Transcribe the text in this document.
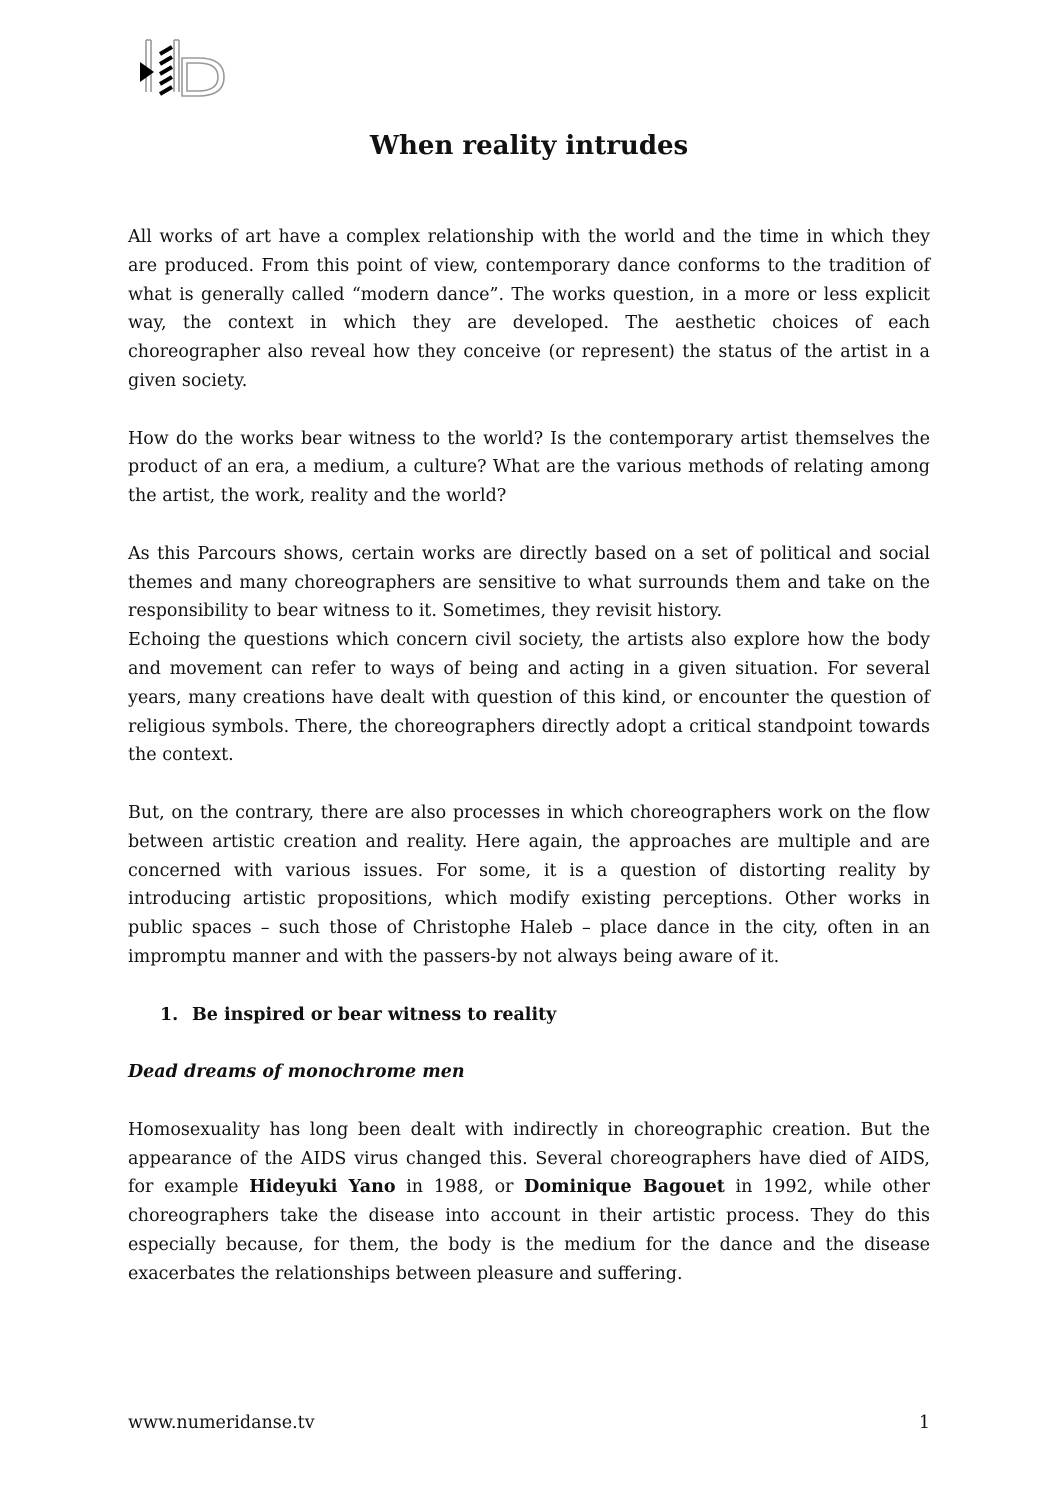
When reality intrudes

All works of art have a complex relationship with the world and the time in which they are produced. From this point of view, contemporary dance conforms to the tradition of what is generally called “modern dance”. The works question, in a more or less explicit way, the context in which they are developed. The aesthetic choices of each choreographer also reveal how they conceive (or represent) the status of the artist in a given society.

How do the works bear witness to the world? Is the contemporary artist themselves the product of an era, a medium, a culture? What are the various methods of relating among the artist, the work, reality and the world?

As this Parcours shows, certain works are directly based on a set of political and social themes and many choreographers are sensitive to what surrounds them and take on the responsibility to bear witness to it. Sometimes, they revisit history.

Echoing the questions which concern civil society, the artists also explore how the body and movement can refer to ways of being and acting in a given situation. For several years, many creations have dealt with question of this kind, or encounter the question of religious symbols. There, the choreographers directly adopt a critical standpoint towards the context.

But, on the contrary, there are also processes in which choreographers work on the flow between artistic creation and reality. Here again, the approaches are multiple and are concerned with various issues. For some, it is a question of distorting reality by introducing artistic propositions, which modify existing perceptions. Other works in public spaces – such those of Christophe Haleb – place dance in the city, often in an impromptu manner and with the passers-by not always being aware of it.

1. Be inspired or bear witness to reality
Dead dreams of monochrome men

Homosexuality has long been dealt with indirectly in choreographic creation. But the appearance of the AIDS virus changed this. Several choreographers have died of AIDS, for example Hideyuki Yano in 1988, or Dominique Bagouet in 1992, while other choreographers take the disease into account in their artistic process. They do this especially because, for them, the body is the medium for the dance and the disease exacerbates the relationships between pleasure and suffering.

www.numeridanse.tv	1
